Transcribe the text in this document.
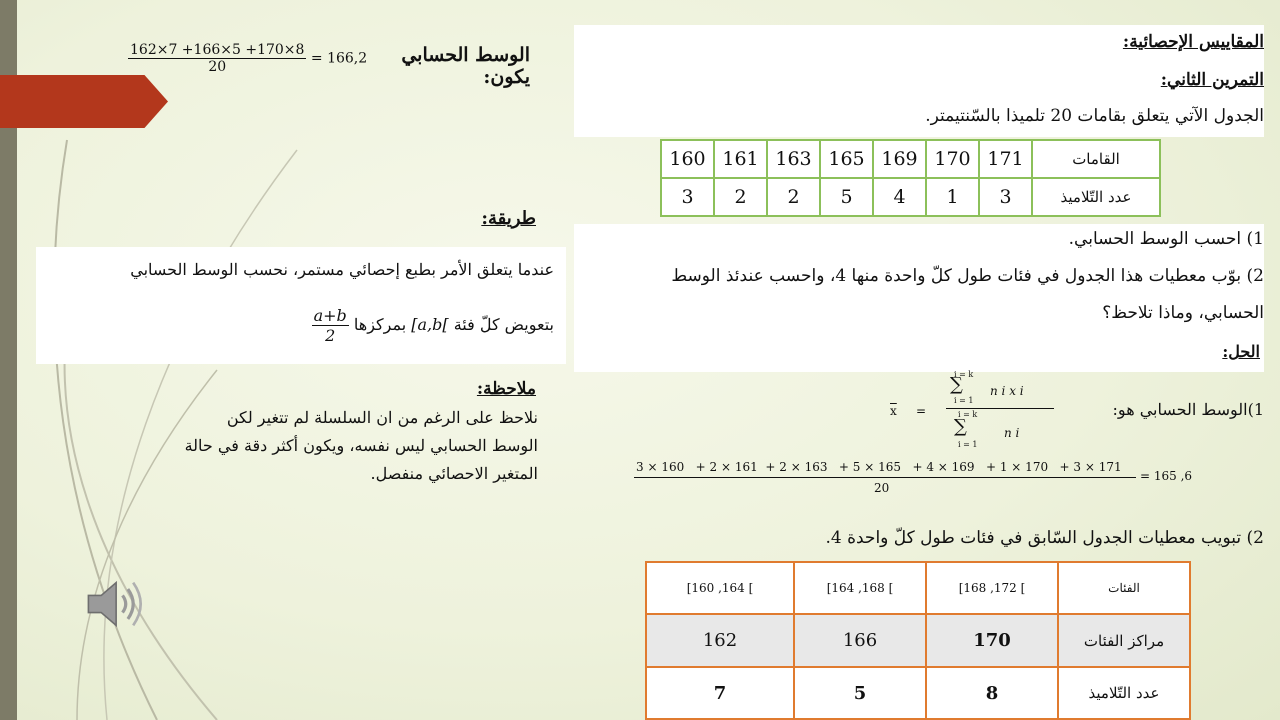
المقاييس الإحصائية:
التمرين الثاني:
الجدول الآتي يتعلق بقامات 20 تلميذا بالسّنتيمتر.
160	161	163	165	169	170	171	القامات
3	2	2	5	4	1	3	عدد التّلاميذ
1) احسب الوسط الحسابي.
2) بوّب معطيات هذا الجدول في فئات طول كلّ واحدة منها 4، واحسب عندئذ الوسط
الحسابي، وماذا تلاحظ؟
الحل:
1)الوسط الحسابي هو:
$\overline{x}$ =
i = k
∑
i = 1
n i x i
i = k
∑
i = 1
n i
3 × 160   + 2 × 161  + 2 × 163   + 5 × 165   + 4 × 169   + 1 × 170   + 3 × 171
20
= 165 ,6
2) تبويب معطيات الجدول السّابق في فئات طول كلّ واحدة 4.
[160 ,164 [	[164 ,168 [	[168 ,172 [	الفئات
162	166	170	مراكز الفئات
7	5	8	عدد التّلاميذ
الوسط الحسابي يكون:
$\frac{162\times 7 +166\times 5 +170\times 8}{20} = 166,2$
طريقة:
عندما يتعلق الأمر بطبع إحصائي مستمر، نحسب الوسط الحسابي
بتعويض كلّ فئة [a,b[ بمركزها
$\frac{a+b}{2}$
ملاحظة:
نلاحظ على الرغم من ان السلسلة لم تتغير لكن
الوسط الحسابي ليس نفسه، ويكون أكثر دقة في حالة
المتغير الاحصائي منفصل.
